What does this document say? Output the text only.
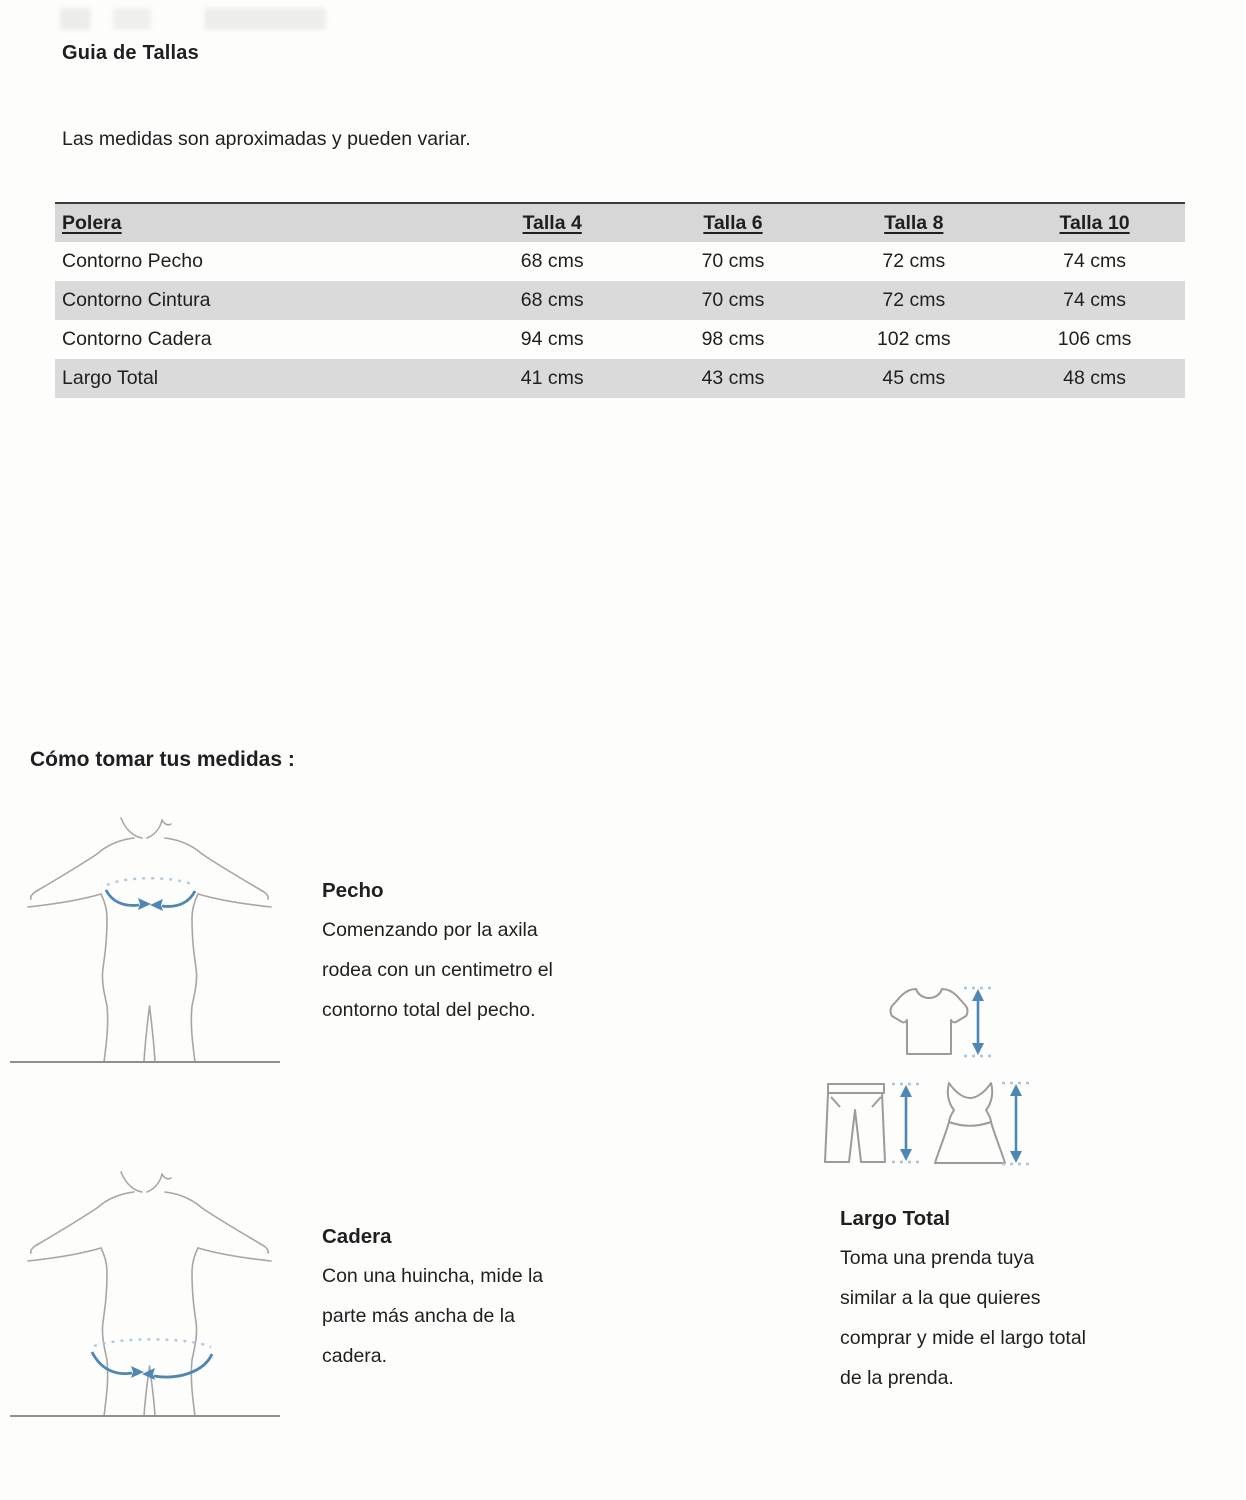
Guia de Tallas
Las medidas son aproximadas y pueden variar.
Polera	Talla 4	Talla 6	Talla 8	Talla 10
Contorno Pecho	68 cms	70 cms	72 cms	74 cms
Contorno Cintura	68 cms	70 cms	72 cms	74 cms
Contorno Cadera	94 cms	98 cms	102 cms	106 cms
Largo Total	41 cms	43 cms	45 cms	48 cms
Cómo tomar tus medidas :
Pecho
Comenzando por la axila
rodea con un centimetro el
contorno total del pecho.
Largo Total
Toma una prenda tuya
similar a la que quieres
comprar y mide el largo total
de la prenda.
Cadera
Con una huincha, mide la
parte más ancha de la
cadera.
